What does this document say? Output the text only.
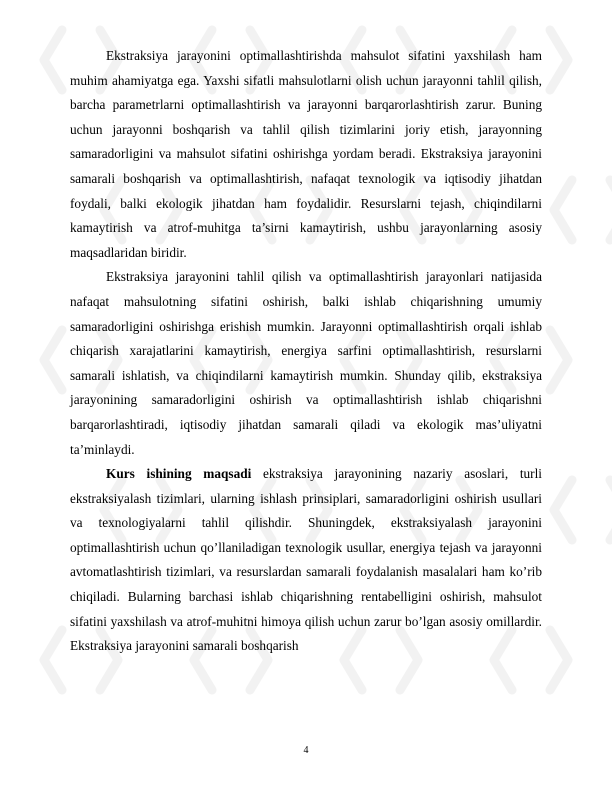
Ekstraksiya jarayonini optimallashtirishda mahsulot sifatini yaxshilash ham muhim ahamiyatga ega. Yaxshi sifatli mahsulotlarni olish uchun jarayonni tahlil qilish, barcha parametrlarni optimallashtirish va jarayonni barqarorlashtirish zarur. Buning uchun jarayonni boshqarish va tahlil qilish tizimlarini joriy etish, jarayonning samaradorligini va mahsulot sifatini oshirishga yordam beradi. Ekstraksiya jarayonini samarali boshqarish va optimallashtirish, nafaqat texnologik va iqtisodiy jihatdan foydali, balki ekologik jihatdan ham foydalidir. Resurslarni tejash, chiqindilarni kamaytirish va atrof-muhitga ta’sirni kamaytirish, ushbu jarayonlarning asosiy maqsadlaridan biridir.

Ekstraksiya jarayonini tahlil qilish va optimallashtirish jarayonlari natijasida nafaqat mahsulotning sifatini oshirish, balki ishlab chiqarishning umumiy samaradorligini oshirishga erishish mumkin. Jarayonni optimallashtirish orqali ishlab chiqarish xarajatlarini kamaytirish, energiya sarfini optimallashtirish, resurslarni samarali ishlatish, va chiqindilarni kamaytirish mumkin. Shunday qilib, ekstraksiya jarayonining samaradorligini oshirish va optimallashtirish ishlab chiqarishni barqarorlashtiradi, iqtisodiy jihatdan samarali qiladi va ekologik mas’uliyatni ta’minlaydi.

Kurs ishining maqsadi ekstraksiya jarayonining nazariy asoslari, turli ekstraksiyalash tizimlari, ularning ishlash prinsiplari, samaradorligini oshirish usullari va texnologiyalarni tahlil qilishdir. Shuningdek, ekstraksiyalash jarayonini optimallashtirish uchun qo’llaniladigan texnologik usullar, energiya tejash va jarayonni avtomatlashtirish tizimlari, va resurslardan samarali foydalanish masalalari ham ko’rib chiqiladi. Bularning barchasi ishlab chiqarishning rentabelligini oshirish, mahsulot sifatini yaxshilash va atrof-muhitni himoya qilish uchun zarur bo’lgan asosiy omillardir. Ekstraksiya jarayonini samarali boshqarish

4
